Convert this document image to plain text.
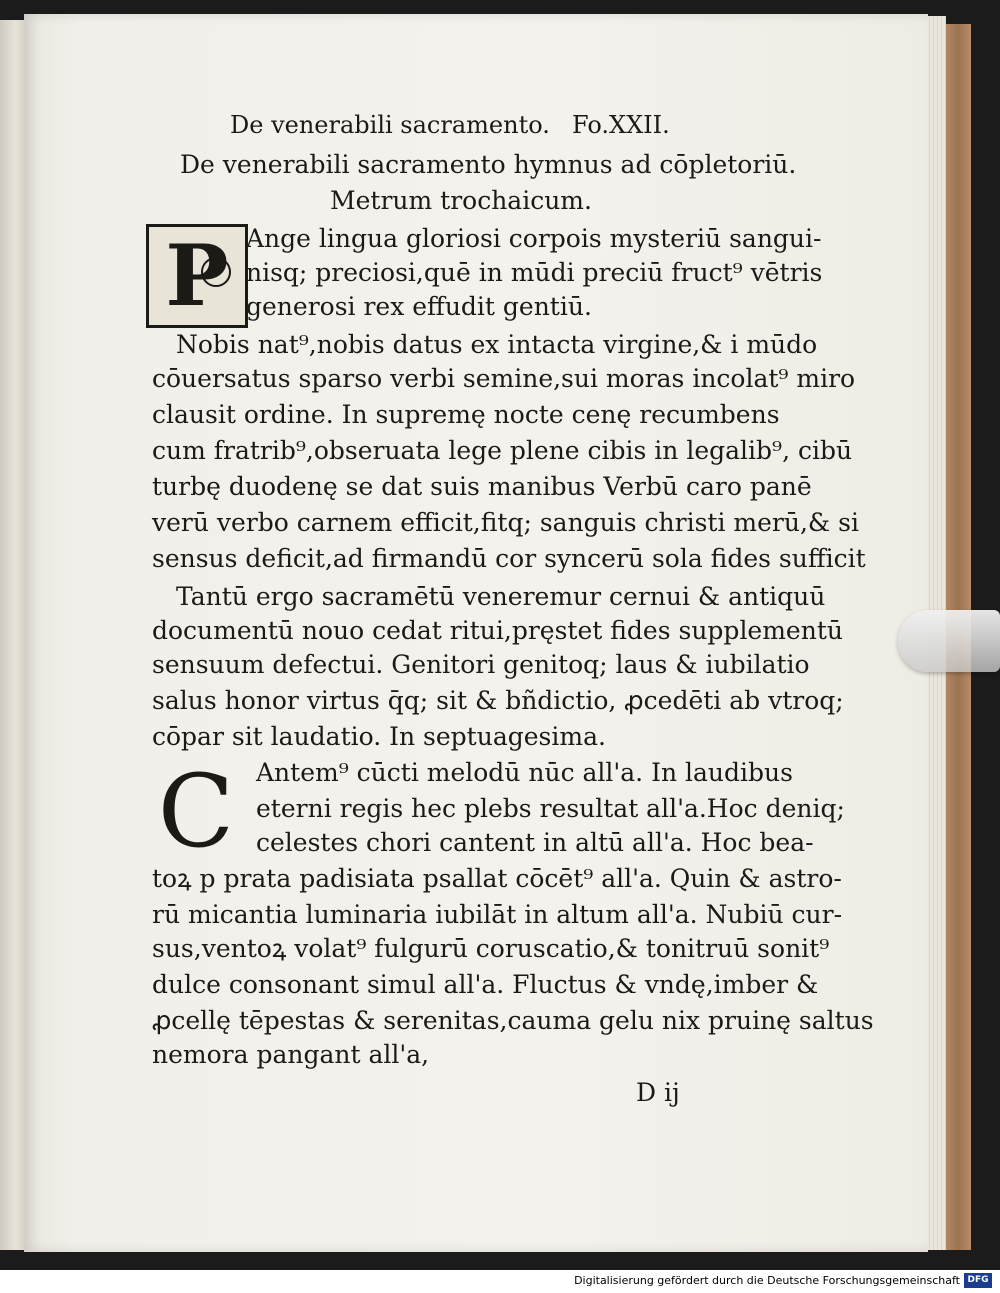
De venerabili sacramento. Fo.XXII.
De venerabili sacramento hymnus ad cōpletoriū.
Metrum trochaicum.
P Ange lingua gloriosi corpois mysteriū sangui-
nisq; preciosi,quē in mūdi preciū fruct⁹ vētris
generosi rex effudit gentiū.
Nobis nat⁹,nobis datus ex intacta virgine,& i mūdo
cōuersatus sparso verbi semine,sui moras incolat⁹ miro
clausit ordine. In supremę nocte cenę recumbens
cum fratrib⁹,obseruata lege plene cibis in legalib⁹, cibū
turbę duodenę se dat suis manibus Verbū caro panē
verū verbo carnem efficit,fitq; sanguis christi merū,& si
sensus deficit,ad firmandū cor syncerū sola fides sufficit
Tantū ergo sacramētū veneremur cernui & antiquū
documentū nouo cedat ritui,pręstet fides supplementū
sensuum defectui. Genitori genitoq; laus & iubilatio
salus honor virtus q̄q; sit & bñdictio, ꝓcedēti ab vtroq;
cōpar sit laudatio. In septuagesima.
C Antem⁹ cūcti melodū nūc all'a. In laudibus
eterni regis hec plebs resultat all'a.Hoc deniq;
celestes chori cantent in altū all'a. Hoc bea-
toꝝ p prata padisiata psallat cōcēt⁹ all'a. Quin & astro-
rū micantia luminaria iubilāt in altum all'a. Nubiū cur-
sus,ventoꝝ volat⁹ fulgurū coruscatio,& tonitruū sonit⁹
dulce consonant simul all'a. Fluctus & vndę,imber &
ꝓcellę tēpestas & serenitas,cauma gelu nix pruinę saltus
nemora pangant all'a,
D ij
Digitalisierung gefördert durch die Deutsche Forschungsgemeinschaft DFG
